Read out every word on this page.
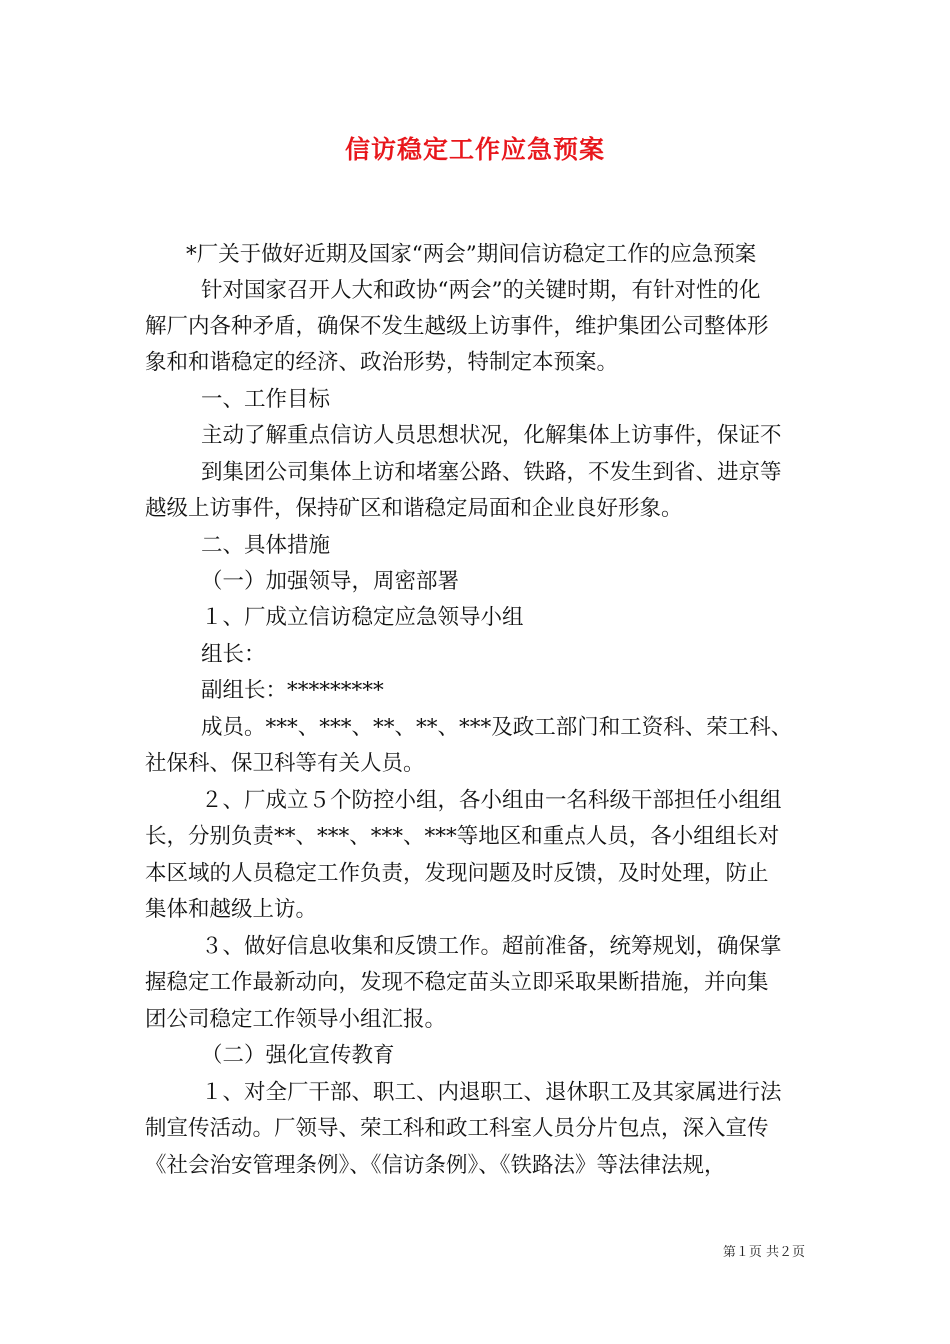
信访稳定工作应急预案
*厂关于做好近期及国家“两会”期间信访稳定工作的应急预案
针对国家召开人大和政协“两会”的关键时期，有针对性的化
解厂内各种矛盾，确保不发生越级上访事件，维护集团公司整体形
象和和谐稳定的经济、政治形势，特制定本预案。
一、工作目标
主动了解重点信访人员思想状况，化解集体上访事件，保证不
到集团公司集体上访和堵塞公路、铁路，不发生到省、进京等
越级上访事件，保持矿区和谐稳定局面和企业良好形象。
二、具体措施
（一）加强领导，周密部署
１、厂成立信访稳定应急领导小组
组长：
副组长：*********
成员。***、***、**、**、***及政工部门和工资科、荣工科、
社保科、保卫科等有关人员。
２、厂成立５个防控小组，各小组由一名科级干部担任小组组
长，分别负责**、***、***、***等地区和重点人员，各小组组长对
本区域的人员稳定工作负责，发现问题及时反馈，及时处理，防止
集体和越级上访。
３、做好信息收集和反馈工作。超前准备，统筹规划，确保掌
握稳定工作最新动向，发现不稳定苗头立即采取果断措施，并向集
团公司稳定工作领导小组汇报。
（二）强化宣传教育
１、对全厂干部、职工、内退职工、退休职工及其家属进行法
制宣传活动。厂领导、荣工科和政工科室人员分片包点，深入宣传
《社会治安管理条例》、《信访条例》、《铁路法》等法律法规，
第１页 共２页
